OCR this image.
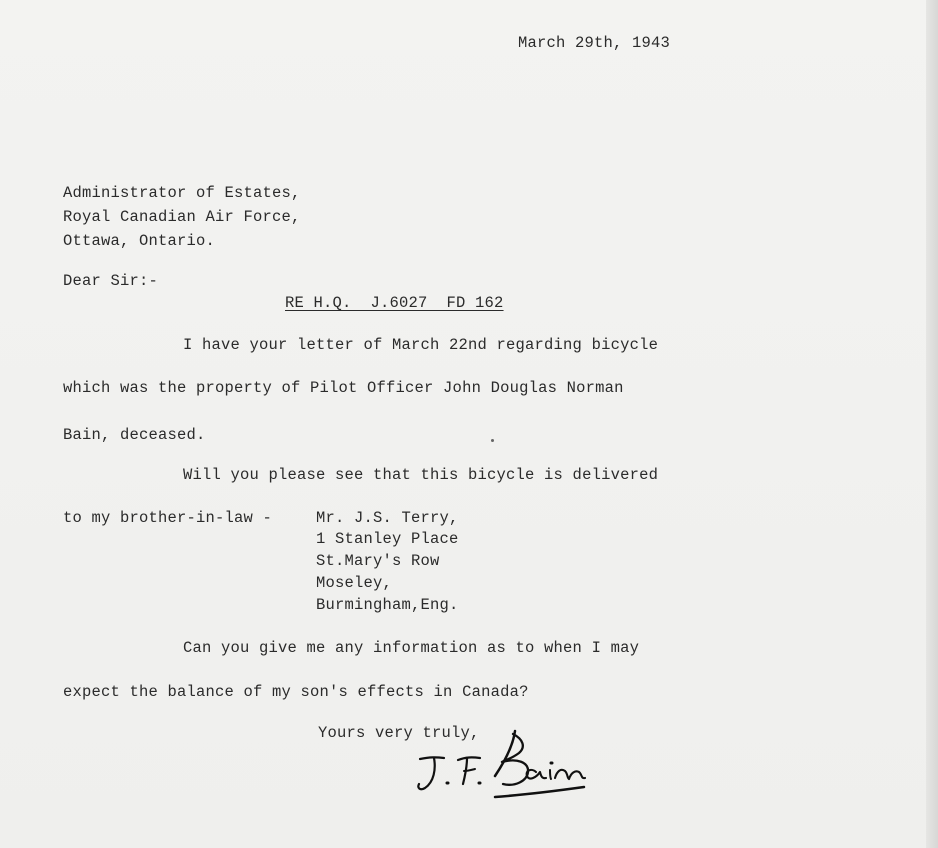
March 29th, 1943
Administrator of Estates,
Royal Canadian Air Force,
Ottawa, Ontario.
Dear Sir:-
RE H.Q.  J.6027  FD 162
I have your letter of March 22nd regarding bicycle
which was the property of Pilot Officer John Douglas Norman
Bain, deceased.
Will you please see that this bicycle is delivered
to my brother-in-law -	Mr. J.S. Terry,
1 Stanley Place
St.Mary's Row
Moseley,
Burmingham,Eng.
Can you give me any information as to when I may
expect the balance of my son's effects in Canada?
Yours very truly,
